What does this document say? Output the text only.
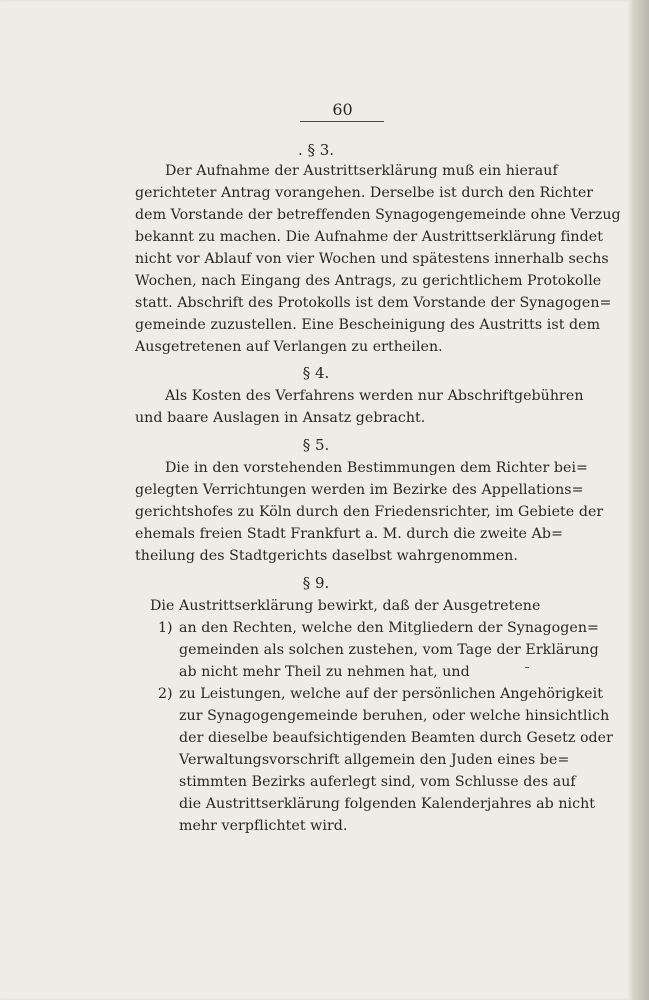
60
. § 3.
Der Aufnahme der Austrittserklärung muß ein hierauf
gerichteter Antrag vorangehen. Derselbe ist durch den Richter
dem Vorstande der betreffenden Synagogengemeinde ohne Verzug
bekannt zu machen. Die Aufnahme der Austrittserklärung findet
nicht vor Ablauf von vier Wochen und spätestens innerhalb sechs
Wochen, nach Eingang des Antrags, zu gerichtlichem Protokolle
statt. Abschrift des Protokolls ist dem Vorstande der Synagogen=
gemeinde zuzustellen. Eine Bescheinigung des Austritts ist dem
Ausgetretenen auf Verlangen zu ertheilen.
§ 4.
Als Kosten des Verfahrens werden nur Abschriftgebühren
und baare Auslagen in Ansatz gebracht.
§ 5.
Die in den vorstehenden Bestimmungen dem Richter bei=
gelegten Verrichtungen werden im Bezirke des Appellations=
gerichtshofes zu Köln durch den Friedensrichter, im Gebiete der
ehemals freien Stadt Frankfurt a. M. durch die zweite Ab=
theilung des Stadtgerichts daselbst wahrgenommen.
§ 9.
Die Austrittserklärung bewirkt, daß der Ausgetretene
1) an den Rechten, welche den Mitgliedern der Synagogen=
gemeinden als solchen zustehen, vom Tage der Erklärung
ab nicht mehr Theil zu nehmen hat, und
2) zu Leistungen, welche auf der persönlichen Angehörigkeit
zur Synagogengemeinde beruhen, oder welche hinsichtlich
der dieselbe beaufsichtigenden Beamten durch Gesetz oder
Verwaltungsvorschrift allgemein den Juden eines be=
stimmten Bezirks auferlegt sind, vom Schlusse des auf
die Austrittserklärung folgenden Kalenderjahres ab nicht
mehr verpflichtet wird.
